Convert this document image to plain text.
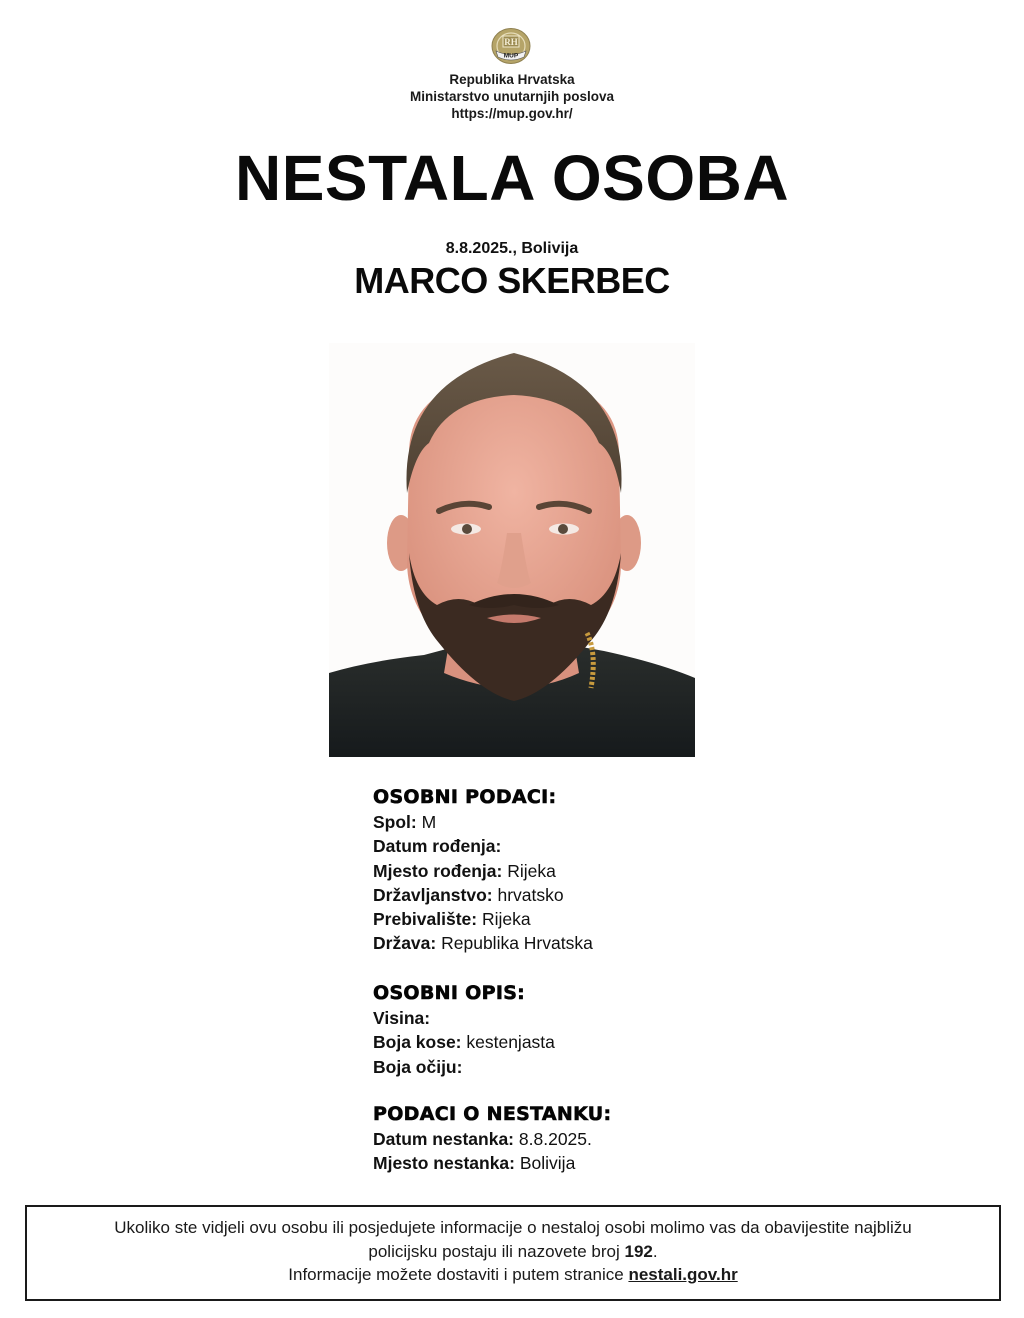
RH
MUP
Republika Hrvatska
Ministarstvo unutarnjih poslova
https://mup.gov.hr/
NESTALA OSOBA
8.8.2025., Bolivija
MARCO SKERBEC
OSOBNI PODACI:
Spol: M
Datum rođenja:
Mjesto rođenja: Rijeka
Državljanstvo: hrvatsko
Prebivalište: Rijeka
Država: Republika Hrvatska
OSOBNI OPIS:
Visina:
Boja kose: kestenjasta
Boja očiju:
PODACI O NESTANKU:
Datum nestanka: 8.8.2025.
Mjesto nestanka: Bolivija
Ukoliko ste vidjeli ovu osobu ili posjedujete informacije o nestaloj osobi molimo vas da obavijestite najbližu
policijsku postaju ili nazovete broj 192.
Informacije možete dostaviti i putem stranice nestali.gov.hr
